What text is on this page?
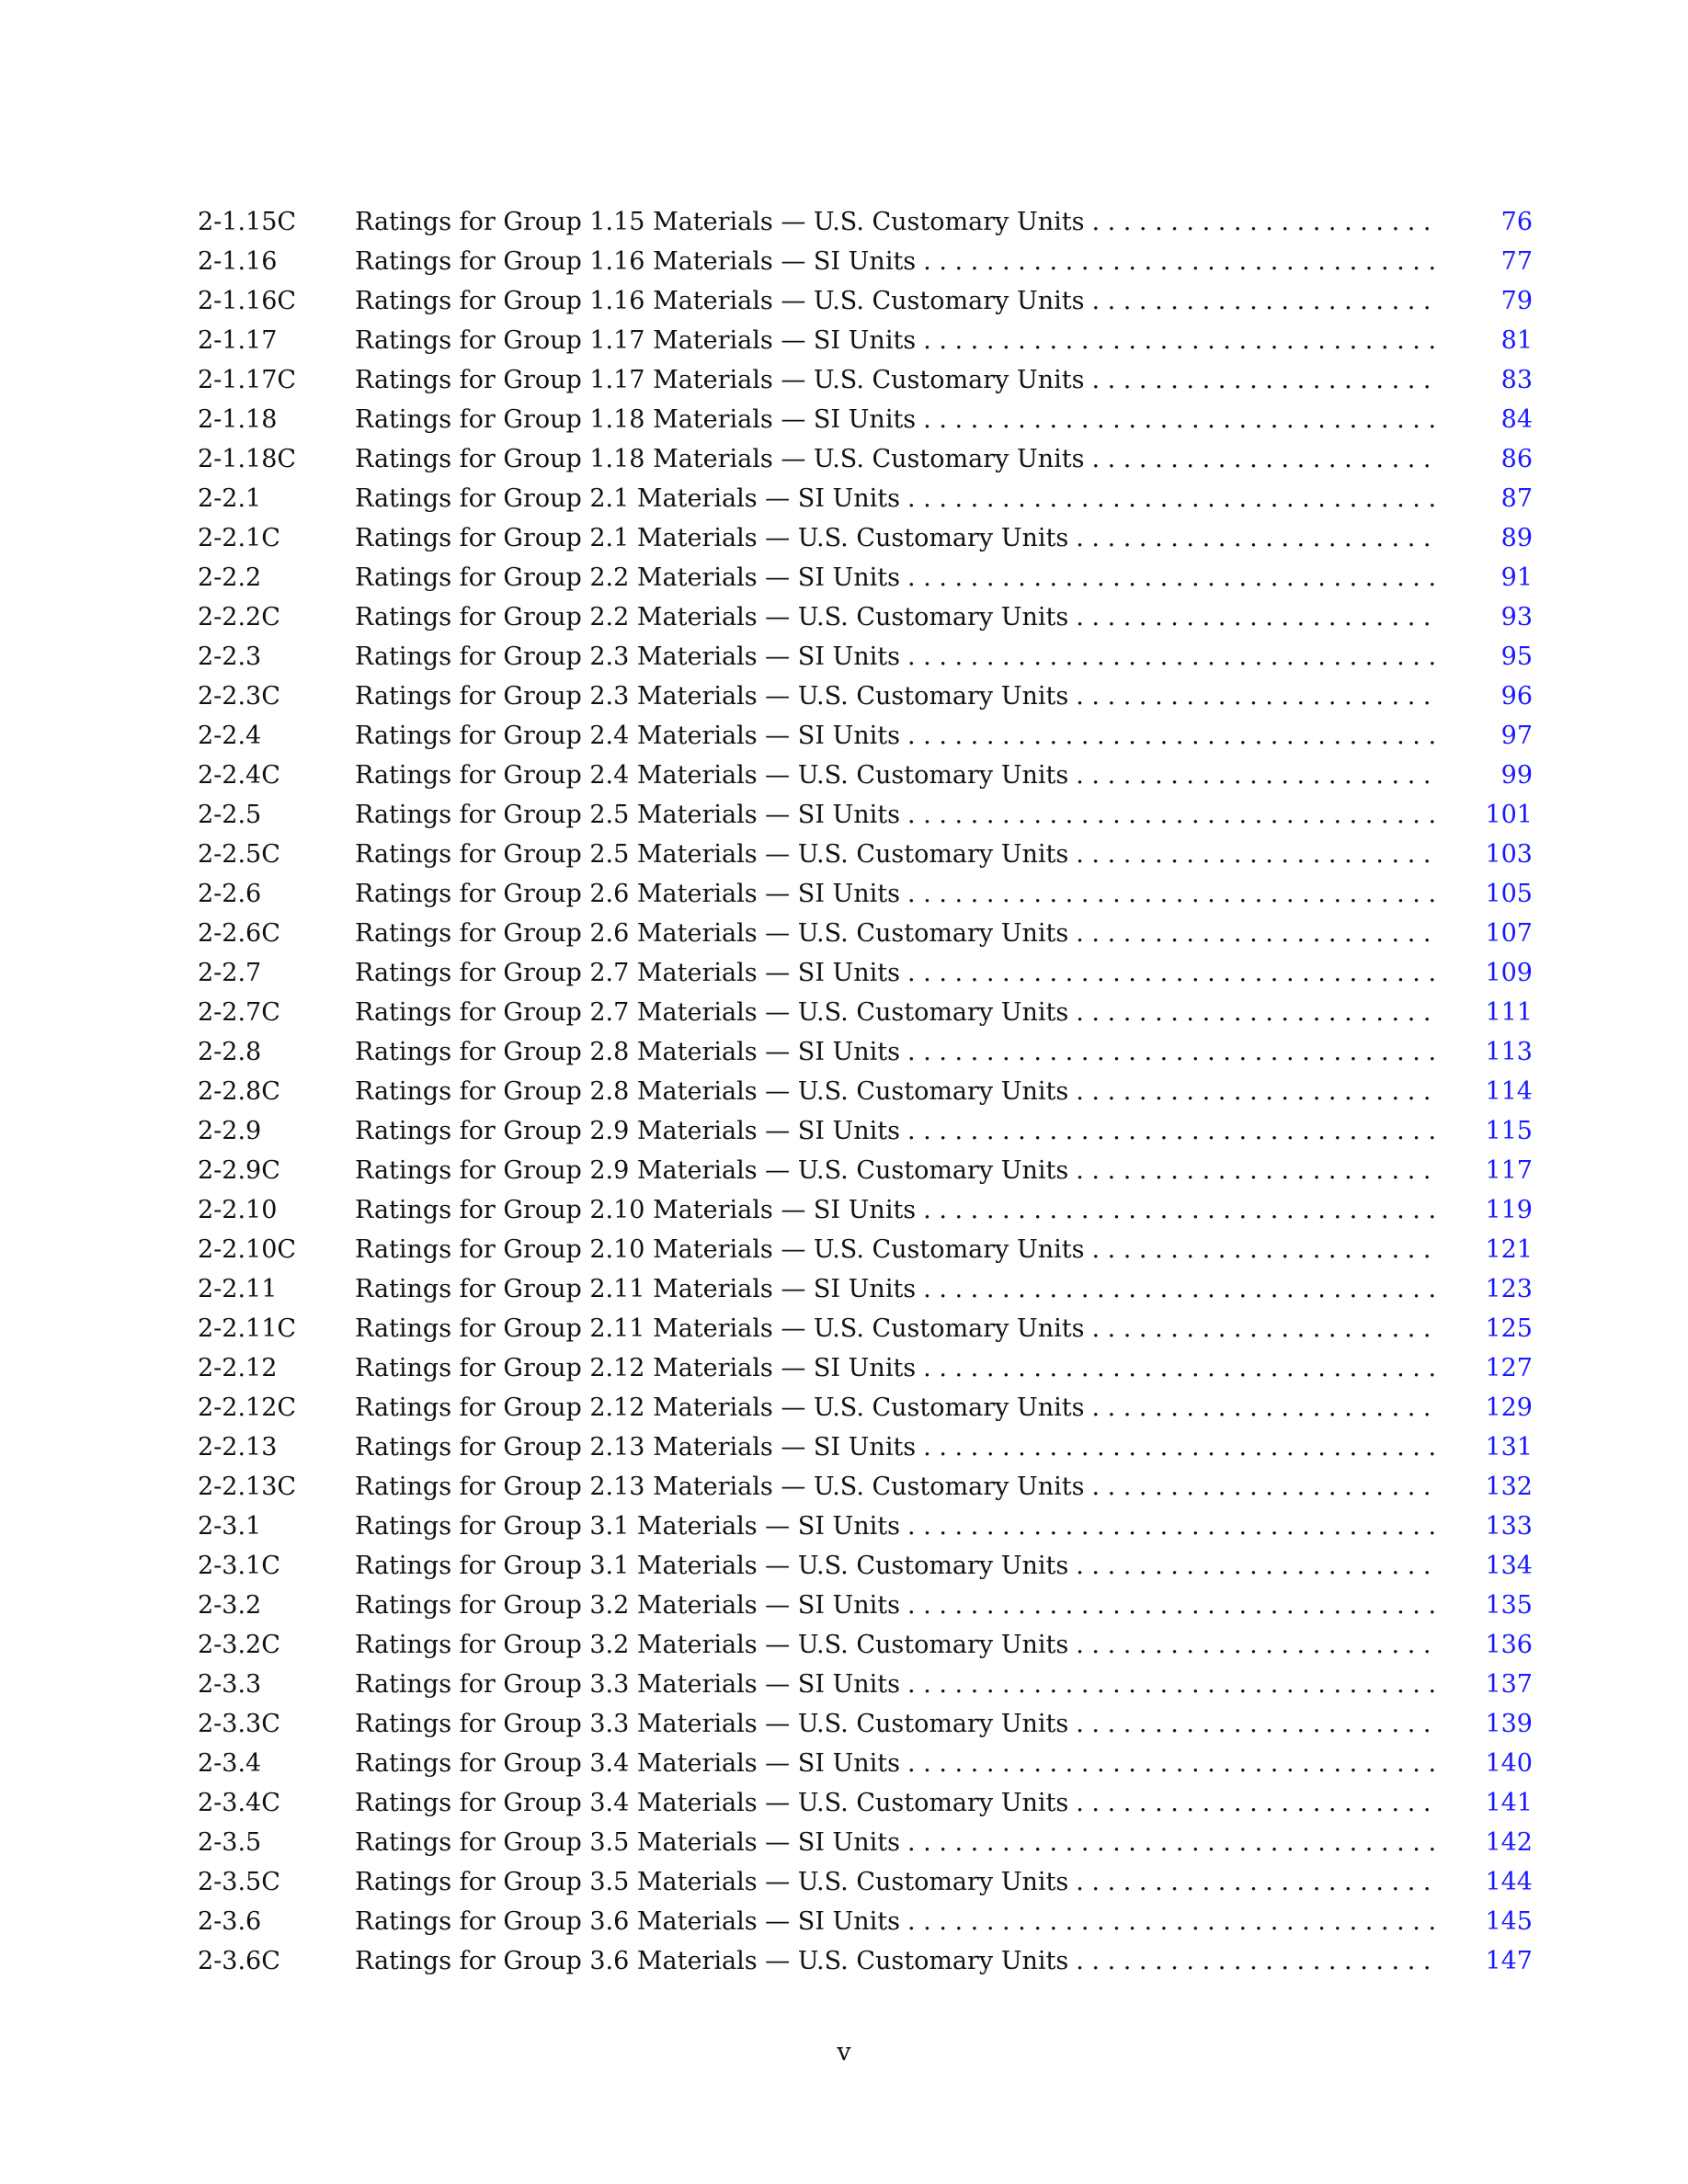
2-1.15C	Ratings for Group 1.15 Materials — U.S. Customary Units . . .	76
2-1.16	Ratings for Group 1.16 Materials — SI Units . . .	77
2-1.16C	Ratings for Group 1.16 Materials — U.S. Customary Units . . .	79
2-1.17	Ratings for Group 1.17 Materials — SI Units . . .	81
2-1.17C	Ratings for Group 1.17 Materials — U.S. Customary Units . . .	83
2-1.18	Ratings for Group 1.18 Materials — SI Units . . .	84
2-1.18C	Ratings for Group 1.18 Materials — U.S. Customary Units . . .	86
2-2.1	Ratings for Group 2.1 Materials — SI Units . . .	87
2-2.1C	Ratings for Group 2.1 Materials — U.S. Customary Units . . .	89
2-2.2	Ratings for Group 2.2 Materials — SI Units . . .	91
2-2.2C	Ratings for Group 2.2 Materials — U.S. Customary Units . . .	93
2-2.3	Ratings for Group 2.3 Materials — SI Units . . .	95
2-2.3C	Ratings for Group 2.3 Materials — U.S. Customary Units . . .	96
2-2.4	Ratings for Group 2.4 Materials — SI Units . . .	97
2-2.4C	Ratings for Group 2.4 Materials — U.S. Customary Units . . .	99
2-2.5	Ratings for Group 2.5 Materials — SI Units . . .	101
2-2.5C	Ratings for Group 2.5 Materials — U.S. Customary Units . . .	103
2-2.6	Ratings for Group 2.6 Materials — SI Units . . .	105
2-2.6C	Ratings for Group 2.6 Materials — U.S. Customary Units . . .	107
2-2.7	Ratings for Group 2.7 Materials — SI Units . . .	109
2-2.7C	Ratings for Group 2.7 Materials — U.S. Customary Units . . .	111
2-2.8	Ratings for Group 2.8 Materials — SI Units . . .	113
2-2.8C	Ratings for Group 2.8 Materials — U.S. Customary Units . . .	114
2-2.9	Ratings for Group 2.9 Materials — SI Units . . .	115
2-2.9C	Ratings for Group 2.9 Materials — U.S. Customary Units . . .	117
2-2.10	Ratings for Group 2.10 Materials — SI Units . . .	119
2-2.10C	Ratings for Group 2.10 Materials — U.S. Customary Units . . .	121
2-2.11	Ratings for Group 2.11 Materials — SI Units . . .	123
2-2.11C	Ratings for Group 2.11 Materials — U.S. Customary Units . . .	125
2-2.12	Ratings for Group 2.12 Materials — SI Units . . .	127
2-2.12C	Ratings for Group 2.12 Materials — U.S. Customary Units . . .	129
2-2.13	Ratings for Group 2.13 Materials — SI Units . . .	131
2-2.13C	Ratings for Group 2.13 Materials — U.S. Customary Units . . .	132
2-3.1	Ratings for Group 3.1 Materials — SI Units . . .	133
2-3.1C	Ratings for Group 3.1 Materials — U.S. Customary Units . . .	134
2-3.2	Ratings for Group 3.2 Materials — SI Units . . .	135
2-3.2C	Ratings for Group 3.2 Materials — U.S. Customary Units . . .	136
2-3.3	Ratings for Group 3.3 Materials — SI Units . . .	137
2-3.3C	Ratings for Group 3.3 Materials — U.S. Customary Units . . .	139
2-3.4	Ratings for Group 3.4 Materials — SI Units . . .	140
2-3.4C	Ratings for Group 3.4 Materials — U.S. Customary Units . . .	141
2-3.5	Ratings for Group 3.5 Materials — SI Units . . .	142
2-3.5C	Ratings for Group 3.5 Materials — U.S. Customary Units . . .	144
2-3.6	Ratings for Group 3.6 Materials — SI Units . . .	145
2-3.6C	Ratings for Group 3.6 Materials — U.S. Customary Units . . .	147
v
